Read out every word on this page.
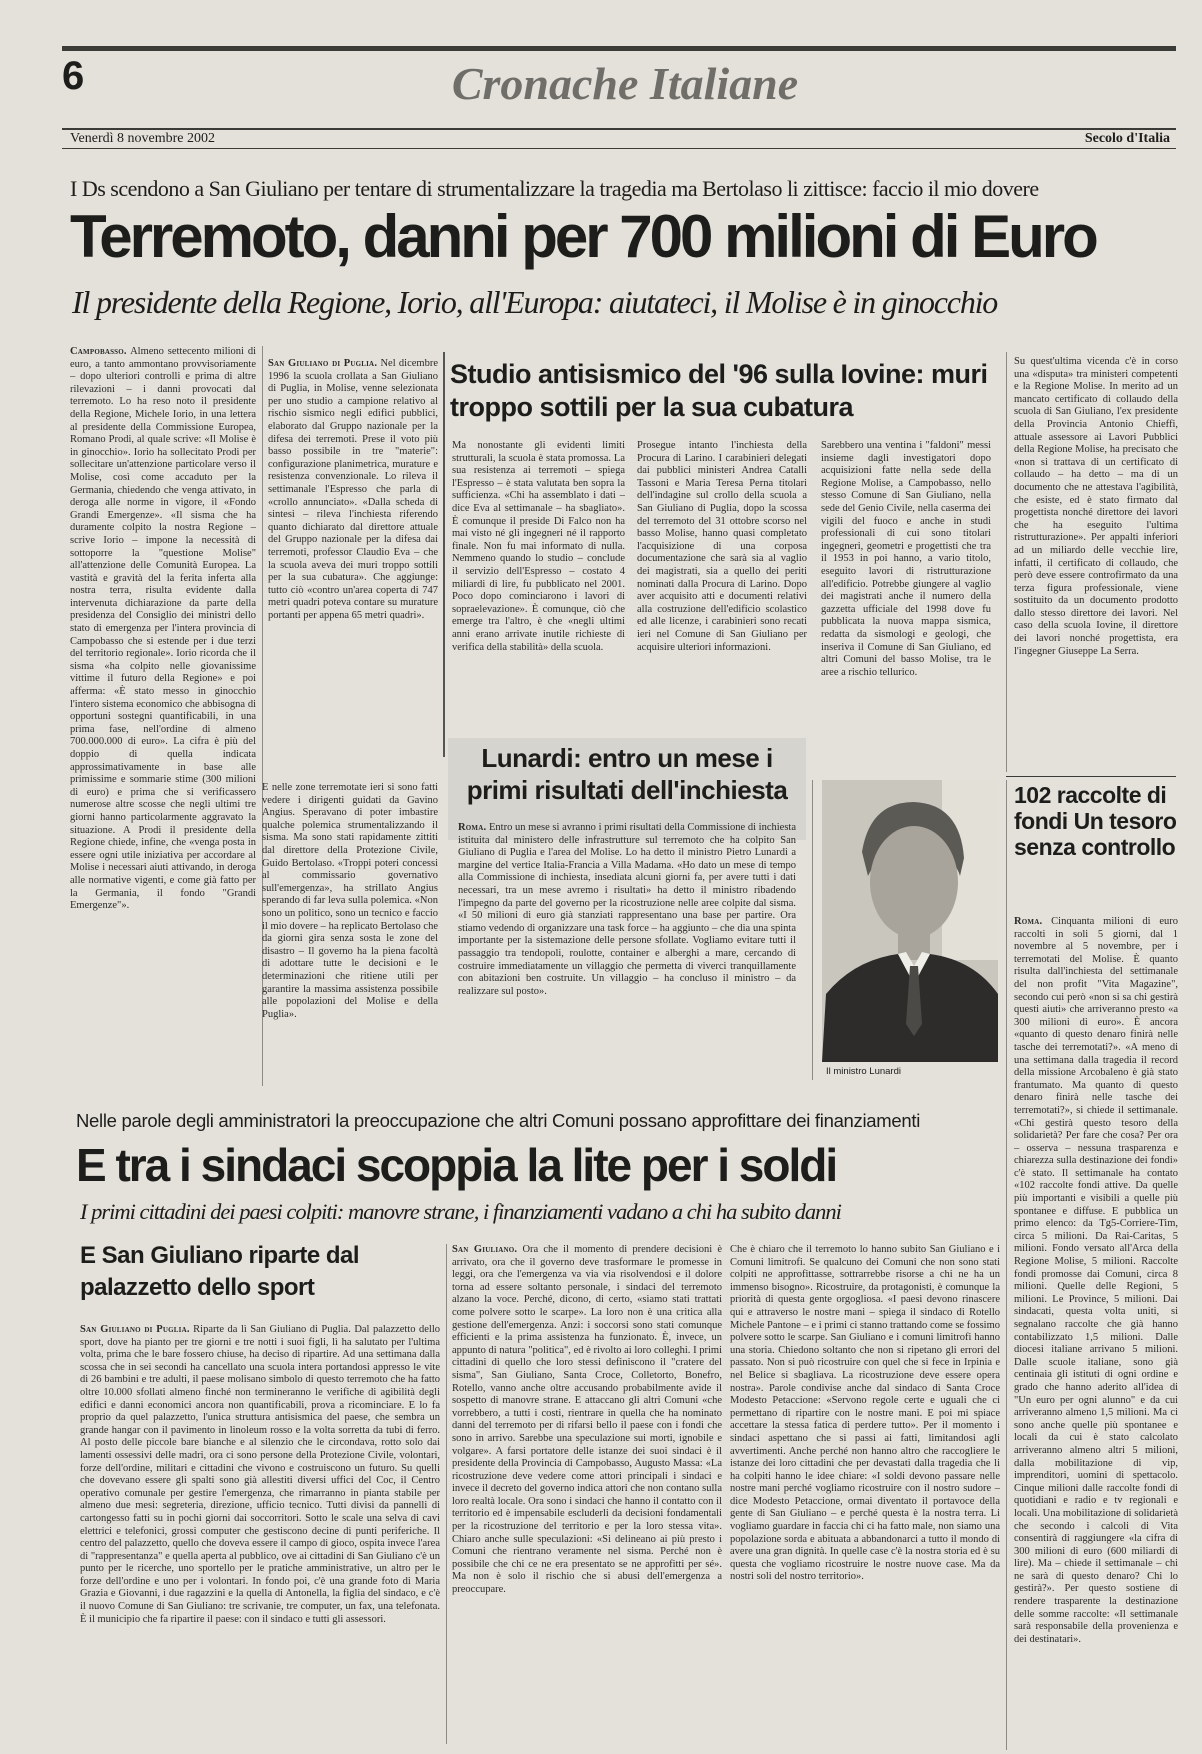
6	Cronache Italiane
Venerdì 8 novembre 2002	Secolo d'Italia
I Ds scendono a San Giuliano per tentare di strumentalizzare la tragedia ma Bertolaso li zittisce: faccio il mio dovere
Terremoto, danni per 700 milioni di Euro
Il presidente della Regione, Iorio, all'Europa: aiutateci, il Molise è in ginocchio

Campobasso. Almeno settecento milioni di euro, a tanto ammontano provvisoriamente – dopo ulteriori controlli e prima di altre rilevazioni – i danni provocati dal terremoto. Lo ha reso noto il presidente della Regione, Michele Iorio, in una lettera al presidente della Commissione Europea, Romano Prodi, al quale scrive: «Il Molise è in ginocchio». Iorio ha sollecitato Prodi per sollecitare un'attenzione particolare verso il Molise, così come accaduto per la Germania, chiedendo che venga attivato, in deroga alle norme in vigore, il «Fondo Grandi Emergenze». «Il sisma che ha duramente colpito la nostra Regione – scrive Iorio – impone la necessità di sottoporre la "questione Molise" all'attenzione delle Comunità Europea. La vastità e gravità del la ferita inferta alla nostra terra, risulta evidente dalla intervenuta dichiarazione da parte della presidenza del Consiglio dei ministri dello stato di emergenza per l'intera provincia di Campobasso che si estende per i due terzi del territorio regionale». Iorio ricorda che il sisma «ha colpito nelle giovanissime vittime il futuro della Regione» e poi afferma: «È stato messo in ginocchio l'intero sistema economico che abbisogna di opportuni sostegni quantificabili, in una prima fase, nell'ordine di almeno 700.000.000 di euro». La cifra è più del doppio di quella indicata approssimativamente in base alle primissime e sommarie stime (300 milioni di euro) e prima che si verificassero numerose altre scosse che negli ultimi tre giorni hanno particolarmente aggravato la situazione. A Prodi il presidente della Regione chiede, infine, che «venga posta in essere ogni utile iniziativa per accordare al Molise i necessari aiuti attivando, in deroga alle normative vigenti, e come già fatto per la Germania, il fondo "Grandi Emergenze"».

San Giuliano di Puglia. Nel dicembre 1996 la scuola crollata a San Giuliano di Puglia, in Molise, venne selezionata per uno studio a campione relativo al rischio sismico negli edifici pubblici, elaborato dal Gruppo nazionale per la difesa dei terremoti. Prese il voto più basso possibile in tre "materie": configurazione planimetrica, murature e resistenza convenzionale. Lo rileva il settimanale l'Espresso che parla di «crollo annunciato». «Dalla scheda di sintesi – rileva l'inchiesta riferendo quanto dichiarato dal direttore attuale del Gruppo nazionale per la difesa dai terremoti, professor Claudio Eva – che la scuola aveva dei muri troppo sottili per la sua cubatura». Che aggiunge: tutto ciò «contro un'area coperta di 747 metri quadri poteva contare su murature portanti per appena 65 metri quadri».

E nelle zone terremotate ieri si sono fatti vedere i dirigenti guidati da Gavino Angius. Speravano di poter imbastire qualche polemica strumentalizzando il sisma. Ma sono stati rapidamente zittiti dal direttore della Protezione Civile, Guido Bertolaso. «Troppi poteri concessi al commissario governativo sull'emergenza», ha strillato Angius sperando di far leva sulla polemica. «Non sono un politico, sono un tecnico e faccio il mio dovere – ha replicato Bertolaso che da giorni gira senza sosta le zone del disastro – Il governo ha la piena facoltà di adottare tutte le decisioni e le determinazioni che ritiene utili per garantire la massima assistenza possibile alle popolazioni del Molise e della Puglia».

Studio antisismico del '96 sulla Iovine: muri troppo sottili per la sua cubatura

Ma nonostante gli evidenti limiti strutturali, la scuola è stata promossa. La sua resistenza ai terremoti – spiega l'Espresso – è stata valutata ben sopra la sufficienza. «Chi ha assemblato i dati – dice Eva al settimanale – ha sbagliato». È comunque il preside Di Falco non ha mai visto né gli ingegneri né il rapporto finale. Non fu mai informato di nulla. Nemmeno quando lo studio – conclude il servizio dell'Espresso – costato 4 miliardi di lire, fu pubblicato nel 2001. Poco dopo cominciarono i lavori di sopraelevazione». È comunque, ciò che emerge tra l'altro, è che «negli ultimi anni erano arrivate inutile richieste di verifica della stabilità» della scuola.

Prosegue intanto l'inchiesta della Procura di Larino. I carabinieri delegati dai pubblici ministeri Andrea Catalli Tassoni e Maria Teresa Perna titolari dell'indagine sul crollo della scuola a San Giuliano di Puglia, dopo la scossa del terremoto del 31 ottobre scorso nel basso Molise, hanno quasi completato l'acquisizione di una corposa documentazione che sarà sia al vaglio dei magistrati, sia a quello dei periti nominati dalla Procura di Larino. Dopo aver acquisito atti e documenti relativi alla costruzione dell'edificio scolastico ed alle licenze, i carabinieri sono recati ieri nel Comune di San Giuliano per acquisire ulteriori informazioni.

Sarebbero una ventina i "faldoni" messi insieme dagli investigatori dopo acquisizioni fatte nella sede della Regione Molise, a Campobasso, nello stesso Comune di San Giuliano, nella sede del Genio Civile, nella caserma dei vigili del fuoco e anche in studi professionali di cui sono titolari ingegneri, geometri e progettisti che tra il 1953 in poi hanno, a vario titolo, eseguito lavori di ristrutturazione all'edificio. Potrebbe giungere al vaglio dei magistrati anche il numero della gazzetta ufficiale del 1998 dove fu pubblicata la nuova mappa sismica, redatta da sismologi e geologi, che inseriva il Comune di San Giuliano, ed altri Comuni del basso Molise, tra le aree a rischio tellurico.

Su quest'ultima vicenda c'è in corso una «disputa» tra ministeri competenti e la Regione Molise. In merito ad un mancato certificato di collaudo della scuola di San Giuliano, l'ex presidente della Provincia Antonio Chieffi, attuale assessore ai Lavori Pubblici della Regione Molise, ha precisato che «non si trattava di un certificato di collaudo – ha detto – ma di un documento che ne attestava l'agibilità, che esiste, ed è stato firmato dal progettista nonché direttore dei lavori che ha eseguito l'ultima ristrutturazione». Per appalti inferiori ad un miliardo delle vecchie lire, infatti, il certificato di collaudo, che però deve essere controfirmato da una terza figura professionale, viene sostituito da un documento prodotto dallo stesso direttore dei lavori. Nel caso della scuola Iovine, il direttore dei lavori nonché progettista, era l'ingegner Giuseppe La Serra.

Lunardi: entro un mese i primi risultati dell'inchiesta

Roma. Entro un mese si avranno i primi risultati della Commissione di inchiesta istituita dal ministero delle infrastrutture sul terremoto che ha colpito San Giuliano di Puglia e l'area del Molise. Lo ha detto il ministro Pietro Lunardi a margine del vertice Italia-Francia a Villa Madama. «Ho dato un mese di tempo alla Commissione di inchiesta, insediata alcuni giorni fa, per avere tutti i dati necessari, tra un mese avremo i risultati» ha detto il ministro ribadendo l'impegno da parte del governo per la ricostruzione nelle aree colpite dal sisma. «I 50 milioni di euro già stanziati rappresentano una base per partire. Ora stiamo vedendo di organizzare una task force – ha aggiunto – che dia una spinta importante per la sistemazione delle persone sfollate. Vogliamo evitare tutti il passaggio tra tendopoli, roulotte, container e alberghi a mare, cercando di costruire immediatamente un villaggio che permetta di viverci tranquillamente con abitazioni ben costruite. Un villaggio – ha concluso il ministro – da realizzare sul posto».

Il ministro Lunardi
102 raccolte di fondi Un tesoro senza controllo

Roma. Cinquanta milioni di euro raccolti in soli 5 giorni, dal 1 novembre al 5 novembre, per i terremotati del Molise. È quanto risulta dall'inchiesta del settimanale del non profit "Vita Magazine", secondo cui però «non si sa chi gestirà questi aiuti» che arriveranno presto «a 300 milioni di euro». È ancora «quanto di questo denaro finirà nelle tasche dei terremotati?». «A meno di una settimana dalla tragedia il record della missione Arcobaleno è già stato frantumato. Ma quanto di questo denaro finirà nelle tasche dei terremotati?», si chiede il settimanale. «Chi gestirà questo tesoro della solidarietà? Per fare che cosa? Per ora – osserva – nessuna trasparenza e chiarezza sulla destinazione dei fondi» c'è stato. Il settimanale ha contato «102 raccolte fondi attive. Da quelle più importanti e visibili a quelle più spontanee e diffuse. E pubblica un primo elenco: da Tg5-Corriere-Tim, circa 5 milioni. Da Rai-Caritas, 5 milioni. Fondo versato all'Arca della Regione Molise, 5 milioni. Raccolte fondi promosse dai Comuni, circa 8 milioni. Quelle delle Regioni, 5 milioni. Le Province, 5 milioni. Dai sindacati, questa volta uniti, si segnalano raccolte che già hanno contabilizzato 1,5 milioni. Dalle diocesi italiane arrivano 5 milioni. Dalle scuole italiane, sono già centinaia gli istituti di ogni ordine e grado che hanno aderito all'idea di "Un euro per ogni alunno" e da cui arriveranno almeno 1,5 milioni. Ma ci sono anche quelle più spontanee e locali da cui è stato calcolato arriveranno almeno altri 5 milioni, dalla mobilitazione di vip, imprenditori, uomini di spettacolo. Cinque milioni dalle raccolte fondi di quotidiani e radio e tv regionali e locali. Una mobilitazione di solidarietà che secondo i calcoli di Vita consentirà di raggiungere «la cifra di 300 milioni di euro (600 miliardi di lire). Ma – chiede il settimanale – chi ne sarà di questo denaro? Chi lo gestirà?». Per questo sostiene di rendere trasparente la destinazione delle somme raccolte: «Il settimanale sarà responsabile della provenienza e dei destinatari».

Nelle parole degli amministratori la preoccupazione che altri Comuni possano approfittare dei finanziamenti
E tra i sindaci scoppia la lite per i soldi
I primi cittadini dei paesi colpiti: manovre strane, i finanziamenti vadano a chi ha subito danni
E San Giuliano riparte dal palazzetto dello sport

San Giuliano di Puglia. Riparte da lì San Giuliano di Puglia. Dal palazzetto dello sport, dove ha pianto per tre giorni e tre notti i suoi figli, lì ha salutato per l'ultima volta, prima che le bare fossero chiuse, ha deciso di ripartire. Ad una settimana dalla scossa che in sei secondi ha cancellato una scuola intera portandosi appresso le vite di 26 bambini e tre adulti, il paese molisano simbolo di questo terremoto che ha fatto oltre 10.000 sfollati almeno finché non termineranno le verifiche di agibilità degli edifici e danni economici ancora non quantificabili, prova a ricominciare. E lo fa proprio da quel palazzetto, l'unica struttura antisismica del paese, che sembra un grande hangar con il pavimento in linoleum rosso e la volta sorretta da tubi di ferro. Al posto delle piccole bare bianche e al silenzio che le circondava, rotto solo dai lamenti ossessivi delle madri, ora ci sono persone della Protezione Civile, volontari, forze dell'ordine, militari e cittadini che vivono e costruiscono un futuro. Su quelli che dovevano essere gli spalti sono già allestiti diversi uffici del Coc, il Centro operativo comunale per gestire l'emergenza, che rimarranno in pianta stabile per almeno due mesi: segreteria, direzione, ufficio tecnico. Tutti divisi da pannelli di cartongesso fatti su in pochi giorni dai soccorritori. Sotto le scale una selva di cavi elettrici e telefonici, grossi computer che gestiscono decine di punti periferiche. Il centro del palazzetto, quello che doveva essere il campo di gioco, ospita invece l'area di "rappresentanza" e quella aperta al pubblico, ove ai cittadini di San Giuliano c'è un punto per le ricerche, uno sportello per le pratiche amministrative, un altro per le forze dell'ordine e uno per i volontari. In fondo poi, c'è una grande foto di Maria Grazia e Giovanni, i due ragazzini e la quella di Antonella, la figlia del sindaco, e c'è il nuovo Comune di San Giuliano: tre scrivanie, tre computer, un fax, una telefonata. È il municipio che fa ripartire il paese: con il sindaco e tutti gli assessori.

San Giuliano. Ora che il momento di prendere decisioni è arrivato, ora che il governo deve trasformare le promesse in leggi, ora che l'emergenza va via via risolvendosi e il dolore torna ad essere soltanto personale, i sindaci del terremoto alzano la voce. Perché, dicono, di certo, «siamo stati trattati come polvere sotto le scarpe». La loro non è una critica alla gestione dell'emergenza. Anzi: i soccorsi sono stati comunque efficienti e la prima assistenza ha funzionato. È, invece, un appunto di natura "politica", ed è rivolto ai loro colleghi. I primi cittadini di quello che loro stessi definiscono il "cratere del sisma", San Giuliano, Santa Croce, Colletorto, Bonefro, Rotello, vanno anche oltre accusando probabilmente avide il sospetto di manovre strane. E attaccano gli altri Comuni «che vorrebbero, a tutti i costi, rientrare in quella che ha nominato danni del terremoto per di rifarsi bello il paese con i fondi che sono in arrivo. Sarebbe una speculazione sui morti, ignobile e volgare». A farsi portatore delle istanze dei suoi sindaci è il presidente della Provincia di Campobasso, Augusto Massa: «La ricostruzione deve vedere come attori principali i sindaci e invece il decreto del governo indica attori che non contano sulla loro realtà locale. Ora sono i sindaci che hanno il contatto con il territorio ed è impensabile escluderli da decisioni fondamentali per la ricostruzione del territorio e per la loro stessa vita». Chiaro anche sulle speculazioni: «Si delineano ai più presto i Comuni che rientrano veramente nel sisma. Perché non è possibile che chi ce ne era presentato se ne approfitti per sé». Ma non è solo il rischio che si abusi dell'emergenza a preoccupare.

Che è chiaro che il terremoto lo hanno subito San Giuliano e i Comuni limitrofi. Se qualcuno dei Comuni che non sono stati colpiti ne approfittasse, sottrarrebbe risorse a chi ne ha un immenso bisogno». Ricostruire, da protagonisti, è comunque la priorità di questa gente orgogliosa. «I paesi devono rinascere qui e attraverso le nostre mani – spiega il sindaco di Rotello Michele Pantone – e i primi ci stanno trattando come se fossimo polvere sotto le scarpe. San Giuliano e i comuni limitrofi hanno una storia. Chiedono soltanto che non si ripetano gli errori del passato. Non si può ricostruire con quel che si fece in Irpinia e nel Belice si sbagliava. La ricostruzione deve essere opera nostra». Parole condivise anche dal sindaco di Santa Croce Modesto Petaccione: «Servono regole certe e uguali che ci permettano di ripartire con le nostre mani. E poi mi spiace accettare la stessa fatica di perdere tutto». Per il momento i sindaci aspettano che si passi ai fatti, limitandosi agli avvertimenti. Anche perché non hanno altro che raccogliere le istanze dei loro cittadini che per devastati dalla tragedia che li ha colpiti hanno le idee chiare: «I soldi devono passare nelle nostre mani perché vogliamo ricostruire con il nostro sudore – dice Modesto Petaccione, ormai diventato il portavoce della gente di San Giuliano – e perché questa è la nostra terra. Li vogliamo guardare in faccia chi ci ha fatto male, non siamo una popolazione sorda e abituata a abbandonarci a tutto il mondo di avere una gran dignità. In quelle case c'è la nostra storia ed è su questa che vogliamo ricostruire le nostre nuove case. Ma da nostri soli del nostro territorio».
